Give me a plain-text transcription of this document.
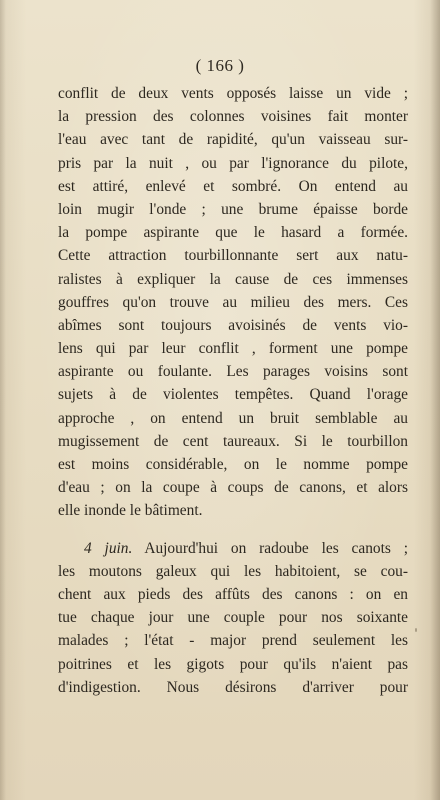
( 166 )
conflit de deux vents opposés laisse un vide ;
la pression des colonnes voisines fait monter
l'eau avec tant de rapidité, qu'un vaisseau sur-
pris par la nuit , ou par l'ignorance du pilote,
est attiré, enlevé et sombré. On entend au
loin mugir l'onde ; une brume épaisse borde
la pompe aspirante que le hasard a formée.
Cette attraction tourbillonnante sert aux natu-
ralistes à expliquer la cause de ces immenses
gouffres qu'on trouve au milieu des mers. Ces
abîmes sont toujours avoisinés de vents vio-
lens qui par leur conflit , forment une pompe
aspirante ou foulante. Les parages voisins sont
sujets à de violentes tempêtes. Quand l'orage
approche , on entend un bruit semblable au
mugissement de cent taureaux. Si le tourbillon
est moins considérable, on le nomme pompe
d'eau ; on la coupe à coups de canons, et alors
elle inonde le bâtiment.
4 juin. Aujourd'hui on radoube les canots ;
les moutons galeux qui les habitoient, se cou-
chent aux pieds des affûts des canons : on en
tue chaque jour une couple pour nos soixante
malades ; l'état - major prend seulement les
poitrines et les gigots pour qu'ils n'aient pas
d'indigestion. Nous désirons d'arriver pour
